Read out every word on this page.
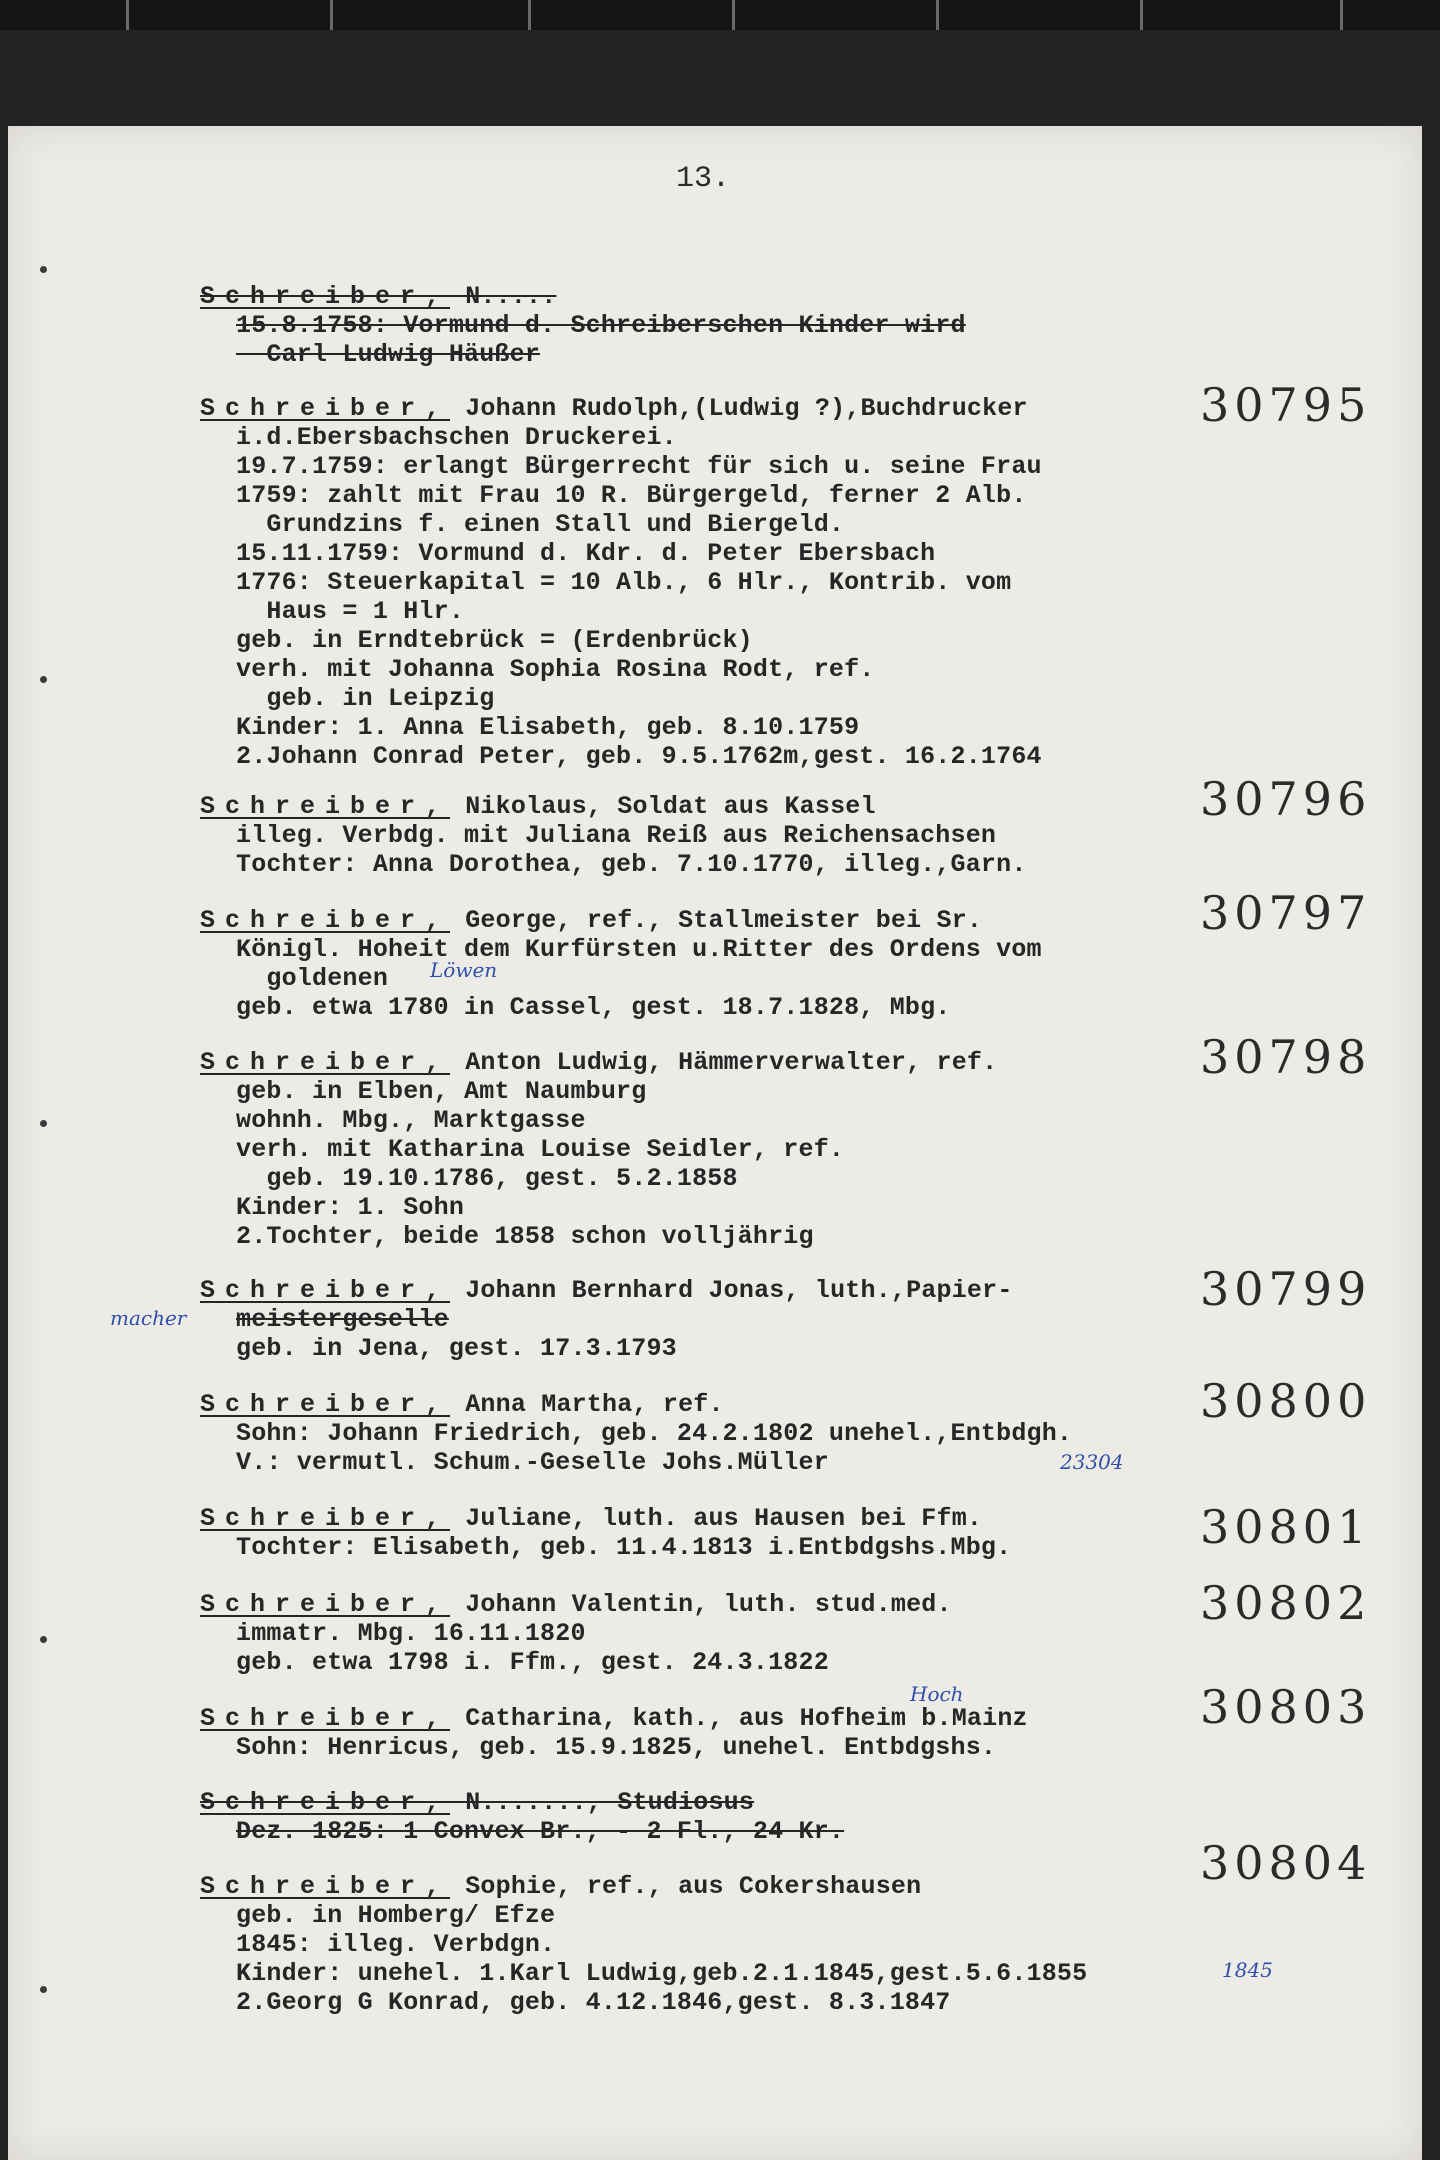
13.
Schreiber, N.....
15.8.1758: Vormund d. Schreiberschen Kinder wird
Carl Ludwig Häußer
Schreiber, Johann Rudolph,(Ludwig ?),Buchdrucker	30795
i.d.Ebersbachschen Druckerei.
19.7.1759: erlangt Bürgerrecht für sich u. seine Frau
1759: zahlt mit Frau 10 R. Bürgergeld, ferner 2 Alb.
Grundzins f. einen Stall und Biergeld.
15.11.1759: Vormund d. Kdr. d. Peter Ebersbach
1776: Steuerkapital = 10 Alb., 6 Hlr., Kontrib. vom
Haus = 1 Hlr.
geb. in Erndtebrück = (Erdenbrück)
verh. mit Johanna Sophia Rosina Rodt, ref.
geb. in Leipzig
Kinder: 1. Anna Elisabeth, geb. 8.10.1759
2.Johann Conrad Peter, geb. 9.5.1762m,gest. 16.2.1764
Schreiber, Nikolaus, Soldat aus Kassel	30796
illeg. Verbdg. mit Juliana Reiß aus Reichensachsen
Tochter: Anna Dorothea, geb. 7.10.1770, illeg.,Garn.
Schreiber, George, ref., Stallmeister bei Sr.	30797
Königl. Hoheit dem Kurfürsten u.Ritter des Ordens vom
goldenen
geb. etwa 1780 in Cassel, gest. 18.7.1828, Mbg.
Löwen
Schreiber, Anton Ludwig, Hämmerverwalter, ref.	30798
geb. in Elben, Amt Naumburg
wohnh. Mbg., Marktgasse
verh. mit Katharina Louise Seidler, ref.
geb. 19.10.1786, gest. 5.2.1858
Kinder: 1. Sohn
2.Tochter, beide 1858 schon volljährig
Schreiber, Johann Bernhard Jonas, luth.,Papier-	30799
meistergeselle
geb. in Jena, gest. 17.3.1793
macher
Schreiber, Anna Martha, ref.	30800
Sohn: Johann Friedrich, geb. 24.2.1802 unehel.,Entbdgh.
V.: vermutl. Schum.-Geselle Johs.Müller	23304
Schreiber, Juliane, luth. aus Hausen bei Ffm.	30801
Tochter: Elisabeth, geb. 11.4.1813 i.Entbdgshs.Mbg.
Schreiber, Johann Valentin, luth. stud.med.	30802
immatr. Mbg. 16.11.1820
geb. etwa 1798 i. Ffm., gest. 24.3.1822
Schreiber, Catharina, kath., aus Hofheim b.Mainz	30803
Sohn: Henricus, geb. 15.9.1825, unehel. Entbdgshs.
Hoch
Schreiber, N......., Studiosus
Dez. 1825: 1 Convex Br., - 2 Fl., 24 Kr.
30804
Schreiber, Sophie, ref., aus Cokershausen
geb. in Homberg/ Efze
1845: illeg. Verbdgn.
Kinder: unehel. 1.Karl Ludwig,geb.2.1.1845,gest.5.6.1855
2.Georg G Konrad, geb. 4.12.1846,gest. 8.3.1847
1845
